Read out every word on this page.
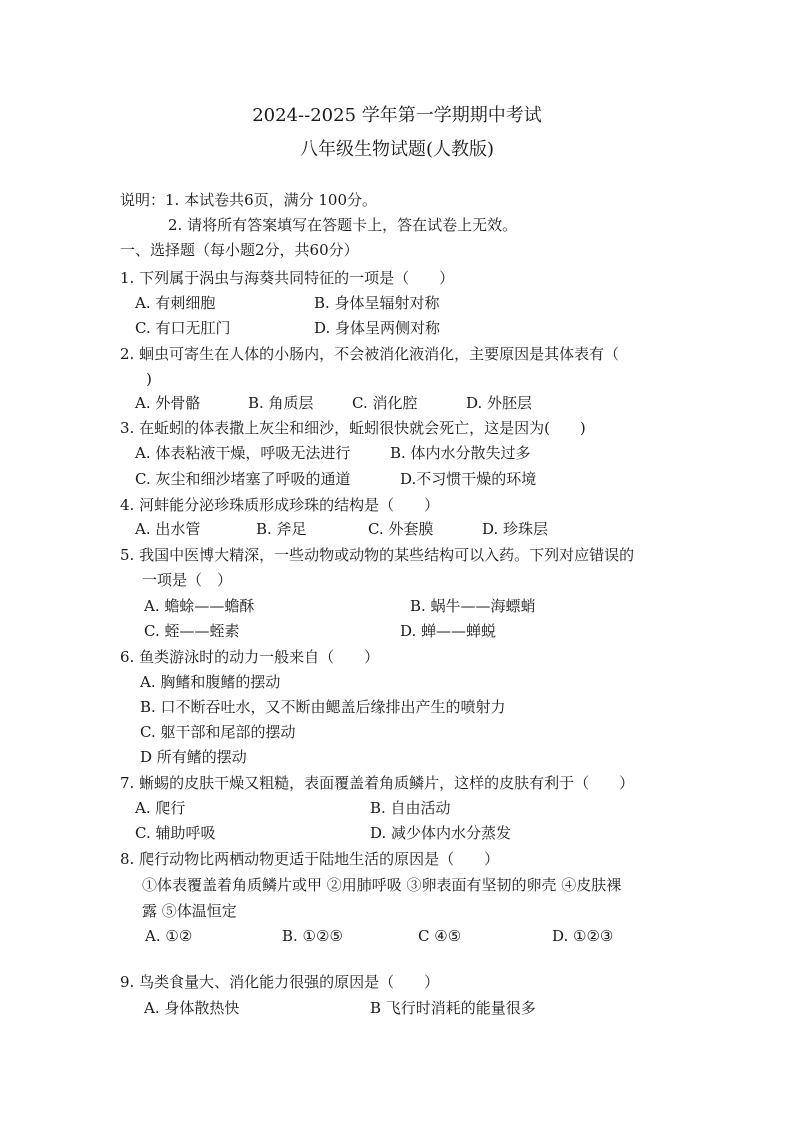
2024--2025 学年第一学期期中考试
八年级生物试题(人教版)
说明：1. 本试卷共6页，满分 100分。
2. 请将所有答案填写在答题卡上，答在试卷上无效。
一、选择题（每小题2分，共60分）
1. 下列属于涡虫与海葵共同特征的一项是（　　）
A. 有刺细胞	B. 身体呈辐射对称
C. 有口无肛门	D. 身体呈两侧对称
2. 蛔虫可寄生在人体的小肠内，不会被消化液消化，主要原因是其体表有（
)
A. 外骨骼	B. 角质层	C. 消化腔	D. 外胚层
3. 在蚯蚓的体表撒上灰尘和细沙，蚯蚓很快就会死亡，这是因为(　　)
A. 体表粘液干燥，呼吸无法进行	B. 体内水分散失过多
C. 灰尘和细沙堵塞了呼吸的通道	D.不习惯干燥的环境
4. 河蚌能分泌珍珠质形成珍珠的结构是（　　）
A. 出水管	B. 斧足	C. 外套膜	D. 珍珠层
5. 我国中医博大精深，一些动物或动物的某些结构可以入药。下列对应错误的
一项是（　）
A. 蟾蜍——蟾酥	B. 蜗牛——海螵蛸
C. 蛭——蛭素	D. 蝉——蝉蜕
6. 鱼类游泳时的动力一般来自（　　）
A. 胸鳍和腹鳍的摆动
B. 口不断吞吐水，又不断由鳃盖后缘排出产生的喷射力
C. 躯干部和尾部的摆动
D 所有鳍的摆动
7. 蜥蜴的皮肤干燥又粗糙，表面覆盖着角质鳞片，这样的皮肤有利于（　　）
A. 爬行	B. 自由活动
C. 辅助呼吸	D. 减少体内水分蒸发
8. 爬行动物比两栖动物更适于陆地生活的原因是（　　）
①体表覆盖着角质鳞片或甲 ②用肺呼吸 ③卵表面有坚韧的卵壳 ④皮肤裸
露 ⑤体温恒定
A. ①②	B. ①②⑤	C ④⑤	D. ①②③
9. 鸟类食量大、消化能力很强的原因是（　　）
A. 身体散热快	B 飞行时消耗的能量很多
